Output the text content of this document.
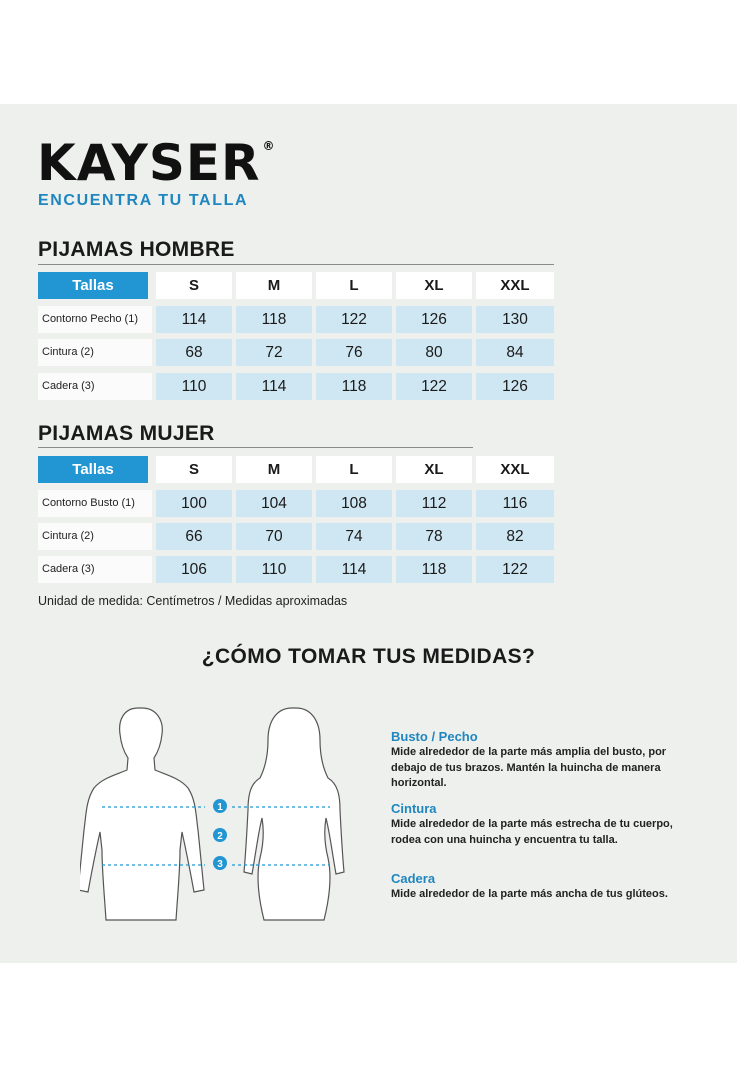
KAYSER ®
ENCUENTRA TU TALLA
PIJAMAS HOMBRE
Tallas	S	M	L	XL	XXL
Contorno Pecho (1)	114	118	122	126	130
Cintura (2)	68	72	76	80	84
Cadera (3)	110	114	118	122	126
PIJAMAS MUJER
Tallas	S	M	L	XL	XXL
Contorno Busto (1)	100	104	108	112	116
Cintura (2)	66	70	74	78	82
Cadera (3)	106	110	114	118	122
Unidad de medida: Centímetros / Medidas aproximadas
¿CÓMO TOMAR TUS MEDIDAS?
1
2
3
Busto / Pecho
Mide alrededor de la parte más amplia del busto, por debajo de tus brazos. Mantén la huincha de manera horizontal.
Cintura
Mide alrededor de la parte más estrecha de tu cuerpo, rodea con una huincha y encuentra tu talla.
Cadera
Mide alrededor de la parte más ancha de tus glúteos.
